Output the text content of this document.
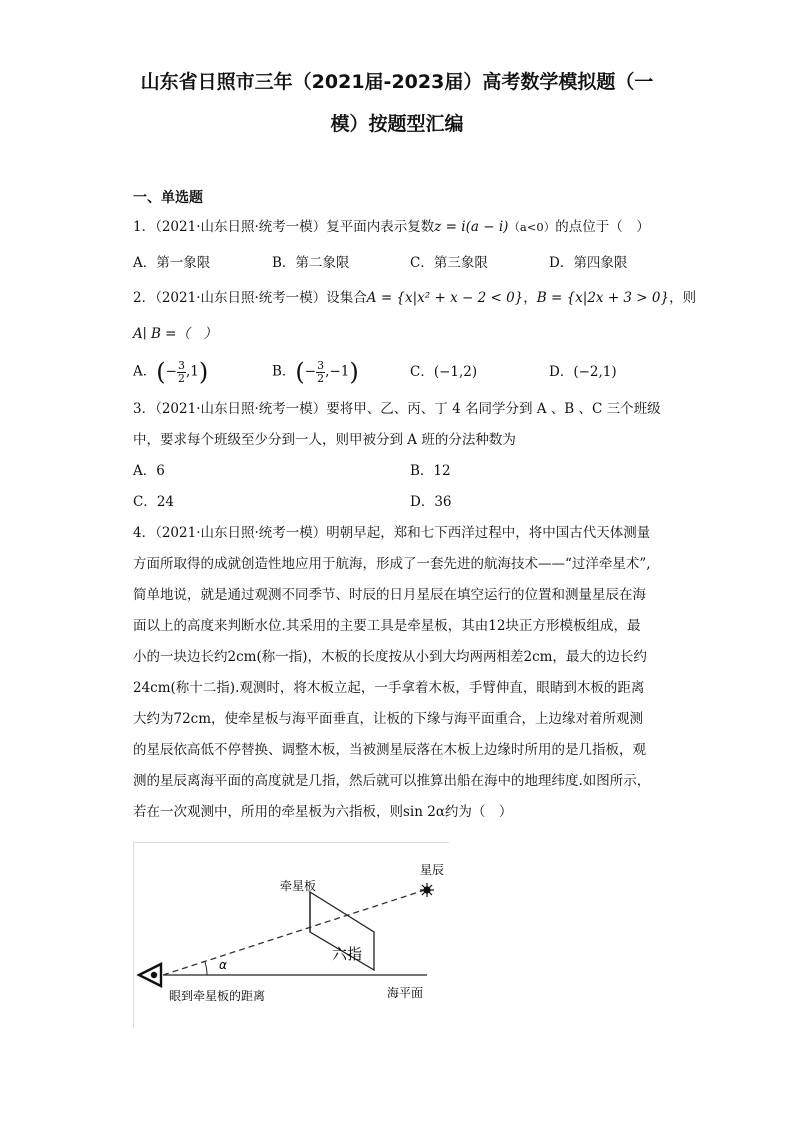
山东省日照市三年（2021届-2023届）高考数学模拟题（一
模）按题型汇编
一、单选题
1．（2021·山东日照·统考一模）复平面内表示复数z = i(a − i)（a<0）的点位于（　）
A．第一象限	B．第二象限	C．第三象限	D．第四象限
2．（2021·山东日照·统考一模）设集合A = {x|x² + x − 2 < 0}，B = {x|2x + 3 > 0}，则
A∣ B =（　）
A．(− $\frac{3}{2} ,1$)	B．(− $\frac{3}{2} ,-1$)	C．(−1,2)	D．(−2,1)
3．（2021·山东日照·统考一模）要将甲、乙、丙、丁 4 名同学分到 A 、B 、C 三个班级
中，要求每个班级至少分到一人，则甲被分到 A 班的分法种数为
A．6	B．12
C．24	D．36
4．（2021·山东日照·统考一模）明朝早起，郑和七下西洋过程中，将中国古代天体测量
方面所取得的成就创造性地应用于航海，形成了一套先进的航海技术——“过洋牵星术”,
简单地说，就是通过观测不同季节、时辰的日月星辰在填空运行的位置和测量星辰在海
面以上的高度来判断水位.其采用的主要工具是牵星板，其由12块正方形模板组成，最
小的一块边长约2cm(称一指)，木板的长度按从小到大均两两相差2cm，最大的边长约
24cm(称十二指).观测时，将木板立起，一手拿着木板，手臂伸直，眼睛到木板的距离
大约为72cm，使牵星板与海平面垂直，让板的下缘与海平面重合，上边缘对着所观测
的星辰依高低不停替换、调整木板，当被测星辰落在木板上边缘时所用的是几指板，观
测的星辰离海平面的高度就是几指，然后就可以推算出船在海中的地理纬度.如图所示，
若在一次观测中，所用的牵星板为六指板，则sin 2α约为（　）
α
牵星板
星辰
六指
海平面
眼到牵星板的距离
